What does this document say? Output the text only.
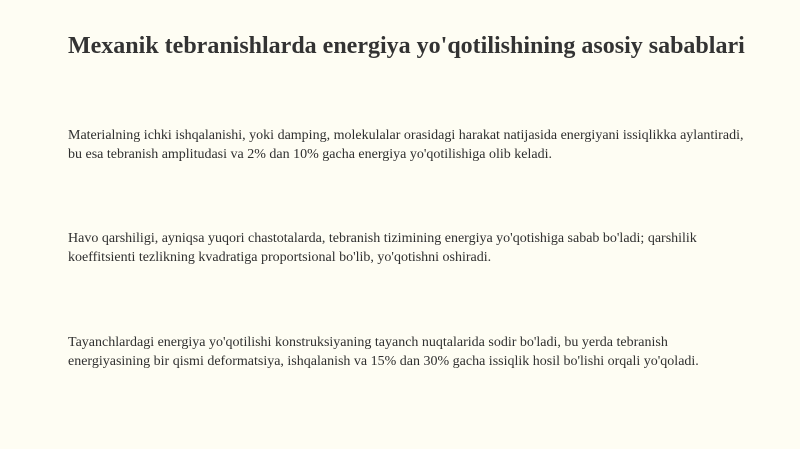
Mexanik tebranishlarda energiya yo'qotilishining asosiy sabablari

Materialning ichki ishqalanishi, yoki damping, molekulalar orasidagi harakat natijasida energiyani issiqlikka aylantiradi, bu esa tebranish amplitudasi va 2% dan 10% gacha energiya yo'qotilishiga olib keladi.

Havo qarshiligi, ayniqsa yuqori chastotalarda, tebranish tizimining energiya yo'qotishiga sabab bo'ladi; qarshilik koeffitsienti tezlikning kvadratiga proportsional bo'lib, yo'qotishni oshiradi.

Tayanchlardagi energiya yo'qotilishi konstruksiyaning tayanch nuqtalarida sodir bo'ladi, bu yerda tebranish energiyasining bir qismi deformatsiya, ishqalanish va 15% dan 30% gacha issiqlik hosil bo'lishi orqali yo'qoladi.
